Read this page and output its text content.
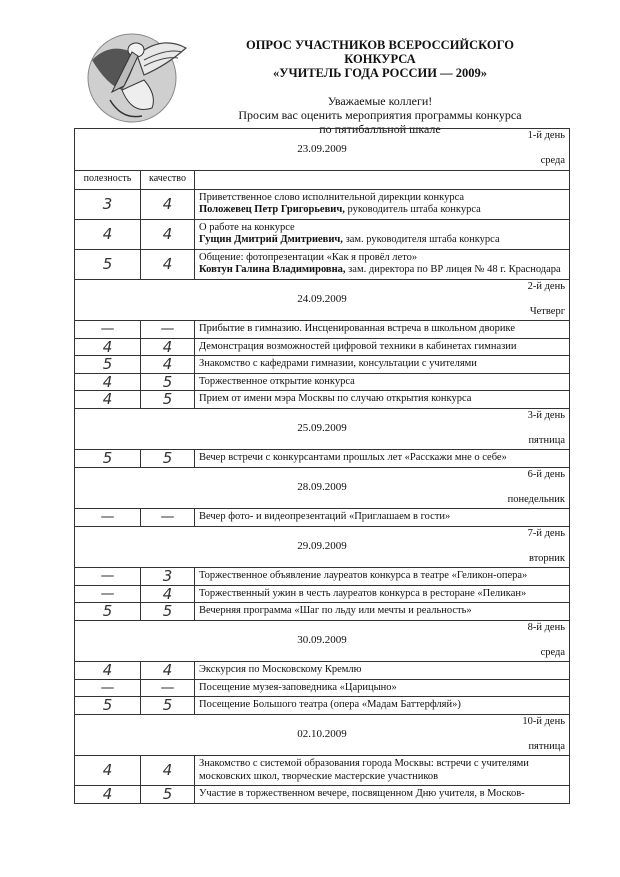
ОПРОС УЧАСТНИКОВ ВСЕРОССИЙСКОГО КОНКУРСА
«УЧИТЕЛЬ ГОДА РОССИИ — 2009»
Уважаемые коллеги!
Просим вас оценить мероприятия программы конкурса
по пятибалльной шкале	1-й день
23.09.2009
среда		

полезность	качество	
3	4	Приветственное слово исполнительной дирекции конкурса
Положевец Петр Григорьевич, руководитель штаба конкурса

4	4	О работе на конкурсе
Гущин Дмитрий Дмитриевич, зам. руководителя штаба конкурса

5	4	Общение: фотопрезентации «Как я провёл лето»
Ковтун Галина Владимировна, зам. директора по ВР лицея № 48 г. Краснодара

2-й день
24.09.2009
Четверг		

—	—	Прибытие в гимназию. Инсценированная встреча в школьном дворике

4	4	Демонстрация возможностей цифровой техники в кабинетах гимназии

5	4	Знакомство с кафедрами гимназии, консультации с учителями

4	5	Торжественное открытие конкурса

4	5	Прием от имени мэра Москвы по случаю открытия конкурса

3-й день
25.09.2009
пятница		

5	5	Вечер встречи с конкурсантами прошлых лет «Расскажи мне о себе»

6-й день
28.09.2009
понедельник		

—	—	Вечер фото- и видеопрезентаций «Приглашаем в гости»

7-й день
29.09.2009
вторник		

—	3	Торжественное объявление лауреатов конкурса в театре «Геликон-опера»

—	4	Торжественный ужин в честь лауреатов конкурса в ресторане «Пеликан»

5	5	Вечерняя программа «Шаг по льду или мечты и реальность»

8-й день
30.09.2009
среда		

4	4	Экскурсия по Московскому Кремлю

—	—	Посещение музея-заповедника «Царицыно»

5	5	Посещение Большого театра (опера «Мадам Баттерфляй»)

10-й день
02.10.2009
пятница		

4	4	Знакомство с системой образования города Москвы: встречи с учителями московских школ, творческие мастерские участников

4	5	Участие в торжественном вечере, посвященном Дню учителя, в Москов-
